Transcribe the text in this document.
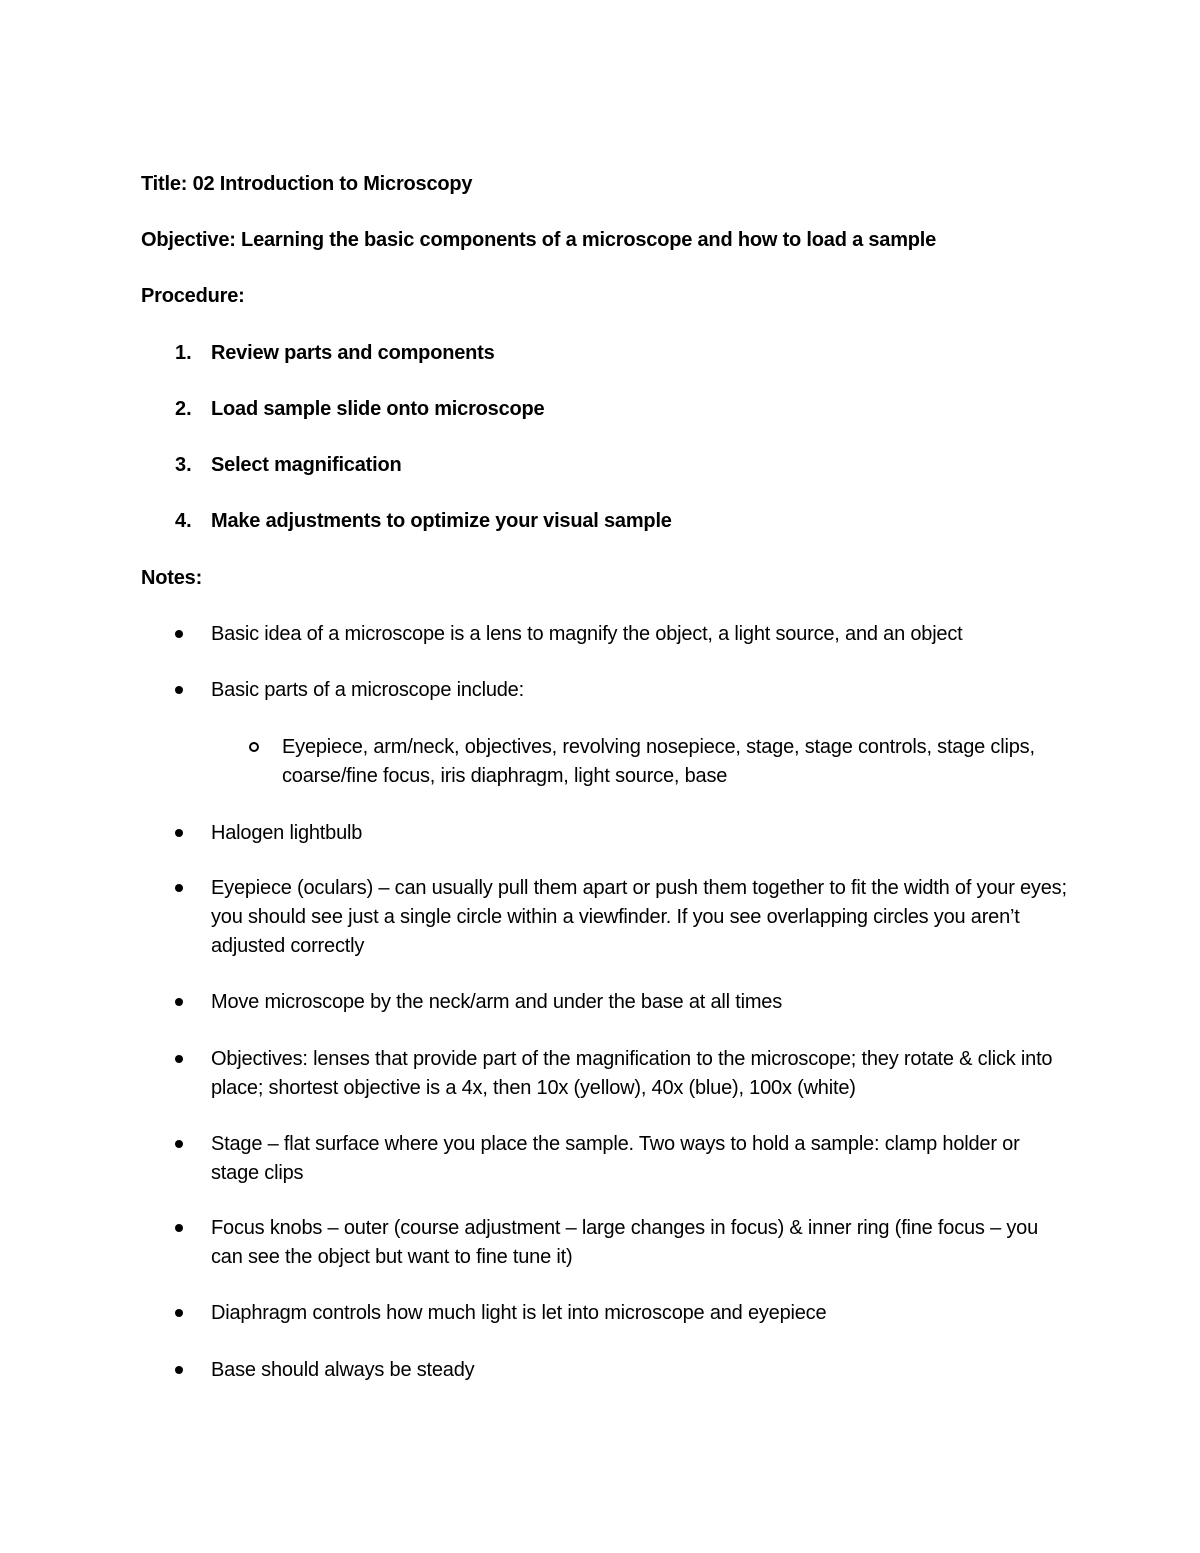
Title: 02 Introduction to Microscopy
Objective: Learning the basic components of a microscope and how to load a sample
Procedure:
1. Review parts and components
2. Load sample slide onto microscope
3. Select magnification
4. Make adjustments to optimize your visual sample
Notes:
Basic idea of a microscope is a lens to magnify the object, a light source, and an object
Basic parts of a microscope include:
Eyepiece, arm/neck, objectives, revolving nosepiece, stage, stage controls, stage clips, coarse/fine focus, iris diaphragm, light source, base
Halogen lightbulb
Eyepiece (oculars) – can usually pull them apart or push them together to fit the width of your eyes; you should see just a single circle within a viewfinder. If you see overlapping circles you aren’t adjusted correctly
Move microscope by the neck/arm and under the base at all times
Objectives: lenses that provide part of the magnification to the microscope; they rotate & click into place; shortest objective is a 4x, then 10x (yellow), 40x (blue), 100x (white)
Stage – flat surface where you place the sample. Two ways to hold a sample: clamp holder or stage clips
Focus knobs – outer (course adjustment – large changes in focus) & inner ring (fine focus – you can see the object but want to fine tune it)
Diaphragm controls how much light is let into microscope and eyepiece
Base should always be steady
